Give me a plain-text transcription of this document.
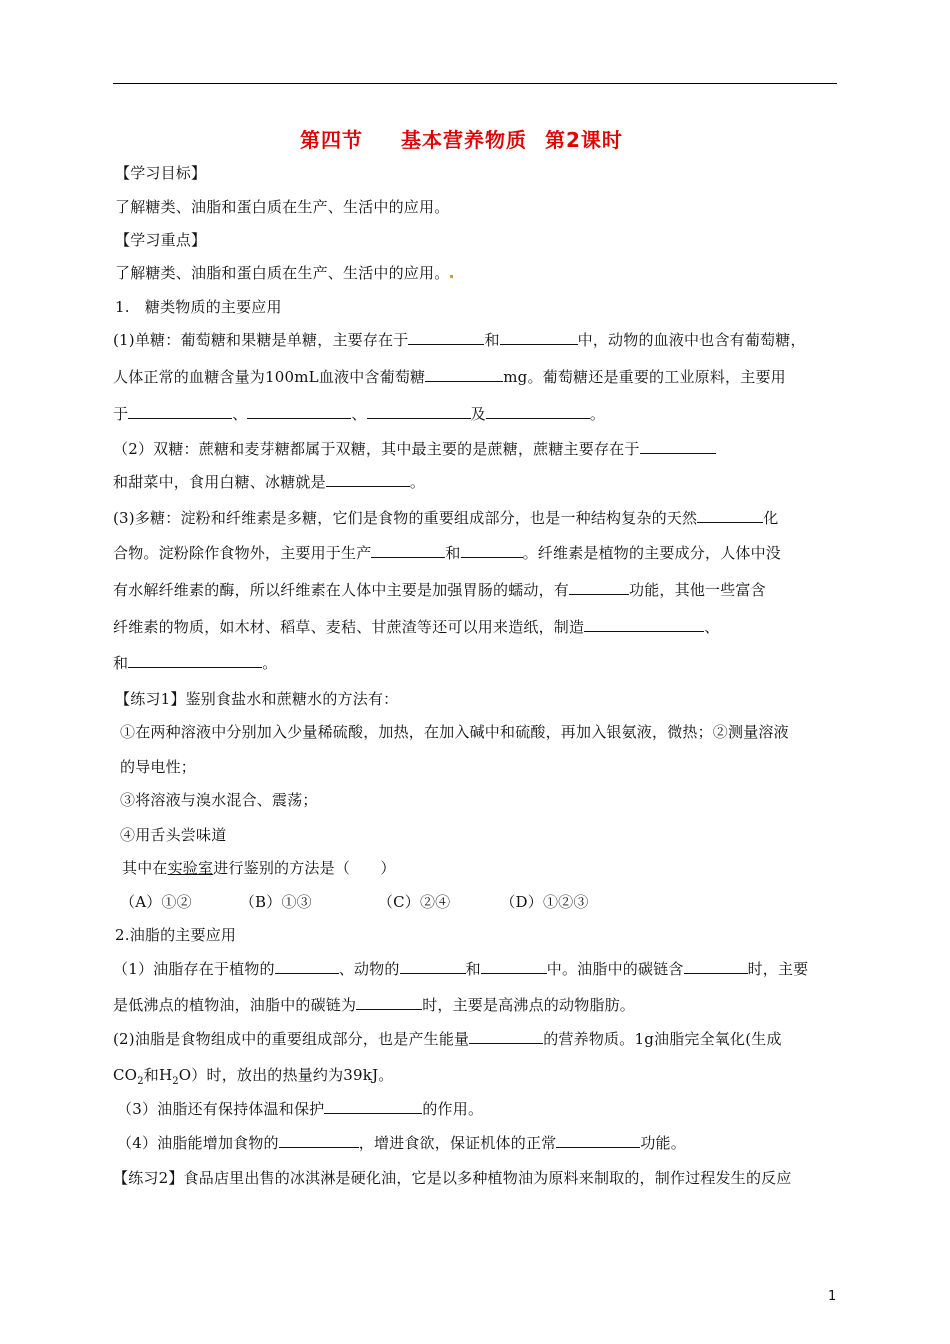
第四节 基本营养物质 第2课时
【学习目标】
了解糖类、油脂和蛋白质在生产、生活中的应用。
【学习重点】
了解糖类、油脂和蛋白质在生产、生活中的应用。
1.　糖类物质的主要应用
(1)单糖：葡萄糖和果糖是单糖，主要存在于	和	中，动物的血液中也含有葡萄糖，
人体正常的血糖含量为100mL血液中含葡萄糖	mg。葡萄糖还是重要的工业原料，主要用
于	、	、	及	。
（2）双糖：蔗糖和麦芽糖都属于双糖，其中最主要的是蔗糖，蔗糖主要存在于
和甜菜中，食用白糖、冰糖就是	。
(3)多糖：淀粉和纤维素是多糖，它们是食物的重要组成部分，也是一种结构复杂的天然	化
合物。淀粉除作食物外，主要用于生产	和	。纤维素是植物的主要成分，人体中没
有水解纤维素的酶，所以纤维素在人体中主要是加强胃肠的蠕动，有	功能，其他一些富含
纤维素的物质，如木材、稻草、麦秸、甘蔗渣等还可以用来造纸，制造	、
和	。
【练习1】鉴别食盐水和蔗糖水的方法有：
①在两种溶液中分别加入少量稀硫酸，加热，在加入碱中和硫酸，再加入银氨液，微热；②测量溶液
的导电性；
③将溶液与溴水混合、震荡；
④用舌头尝味道
其中在实验室进行鉴别的方法是（　　）
（A）①②	（B）①③	（C）②④	（D）①②③
2.油脂的主要应用
（1）油脂存在于植物的	、动物的	和	中。油脂中的碳链含	时，主要
是低沸点的植物油，油脂中的碳链为	时，主要是高沸点的动物脂肪。
(2)油脂是食物组成中的重要组成部分，也是产生能量	的营养物质。1g油脂完全氧化(生成
$CO_2$和$H_2O$）时，放出的热量约为39kJ。
（3）油脂还有保持体温和保护	的作用。
（4）油脂能增加食物的	，增进食欲，保证机体的正常	功能。
【练习2】食品店里出售的冰淇淋是硬化油，它是以多种植物油为原料来制取的，制作过程发生的反应
1
